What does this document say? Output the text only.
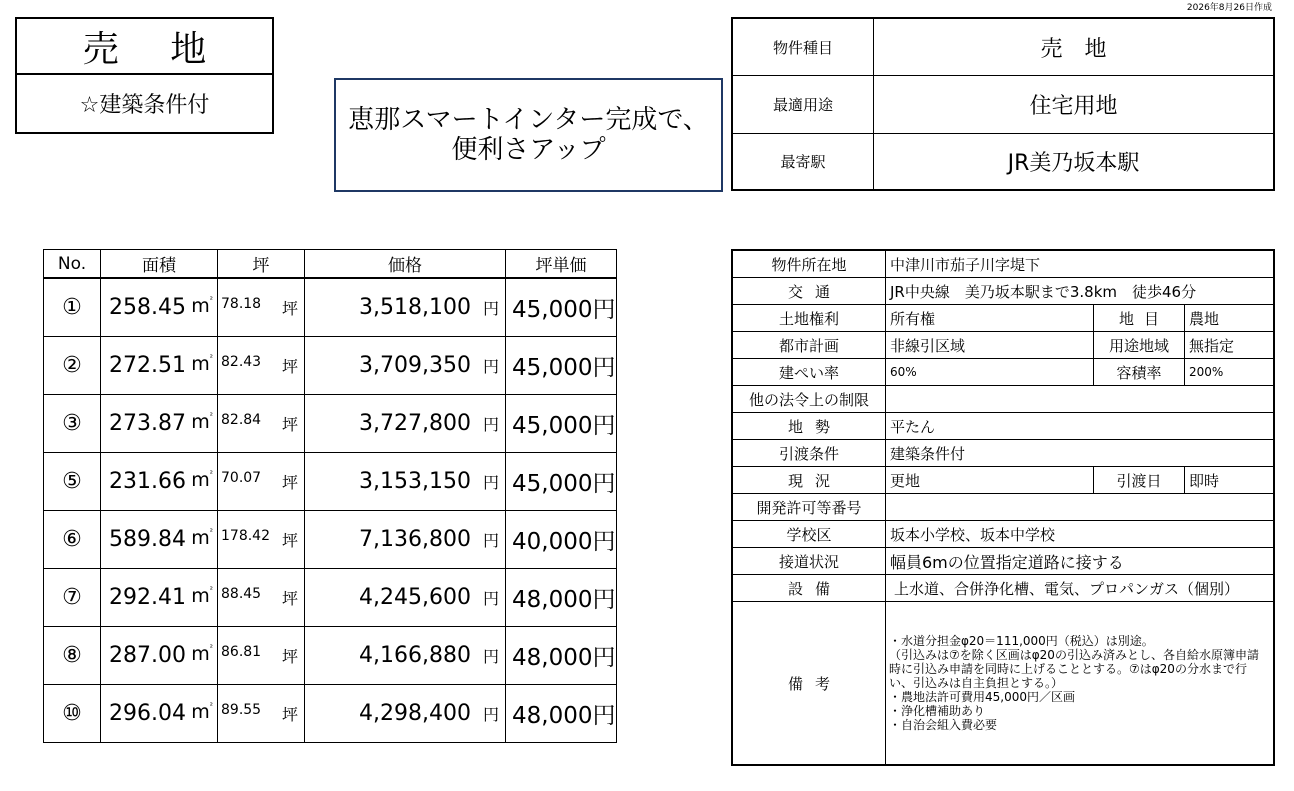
2026年8月26日作成
売 地
☆建築条件付	恵那スマートインター完成で、
便利さアップ
物件種目	売　地
最適用途	住宅用地
最寄駅	JR美乃坂本駅
No.	面積	坪	価格	坪単価
①	258.45 $m^{^2}$	78.18 坪	3,518,100 円	45,000円
②	272.51 $m^{^2}$	82.43 坪	3,709,350 円	45,000円
③	273.87 $m^{^2}$	82.84 坪	3,727,800 円	45,000円
⑤	231.66 $m^{^2}$	70.07 坪	3,153,150 円	45,000円
⑥	589.84 $m^{^2}$	178.42 坪	7,136,800 円	40,000円
⑦	292.41 $m^{^2}$	88.45 坪	4,245,600 円	48,000円
⑧	287.00 $m^{^2}$	86.81 坪	4,166,880 円	48,000円
⑩	296.04 $m^{^2}$	89.55 坪	4,298,400 円	48,000円
物件所在地	中津川市茄子川字堤下		
交通	JR中央線　美乃坂本駅まで3.8km　徒歩46分		
土地権利	所有権	地目	農地
都市計画	非線引区域	用途地域	無指定
建ぺい率	60%	容積率	200%
他の法令上の制限			
地勢	平たん		
引渡条件	建築条件付		
現況	更地	引渡日	即時
開発許可等番号			
学校区	坂本小学校、坂本中学校		
接道状況	幅員6mの位置指定道路に接する		
設備	上水道、合併浄化槽、電気、プロパンガス（個別）		
備考	・水道分担金φ20＝111,000円（税込）は別途。
（引込みは⑦を除く区画はφ20の引込み済みとし、各自給水原簿申請時に引込み申請を同時に上げることとする。⑦はφ20の分水まで行い、引込みは自主負担とする。）
・農地法許可費用45,000円／区画
・浄化槽補助あり
・自治会組入費必要		
